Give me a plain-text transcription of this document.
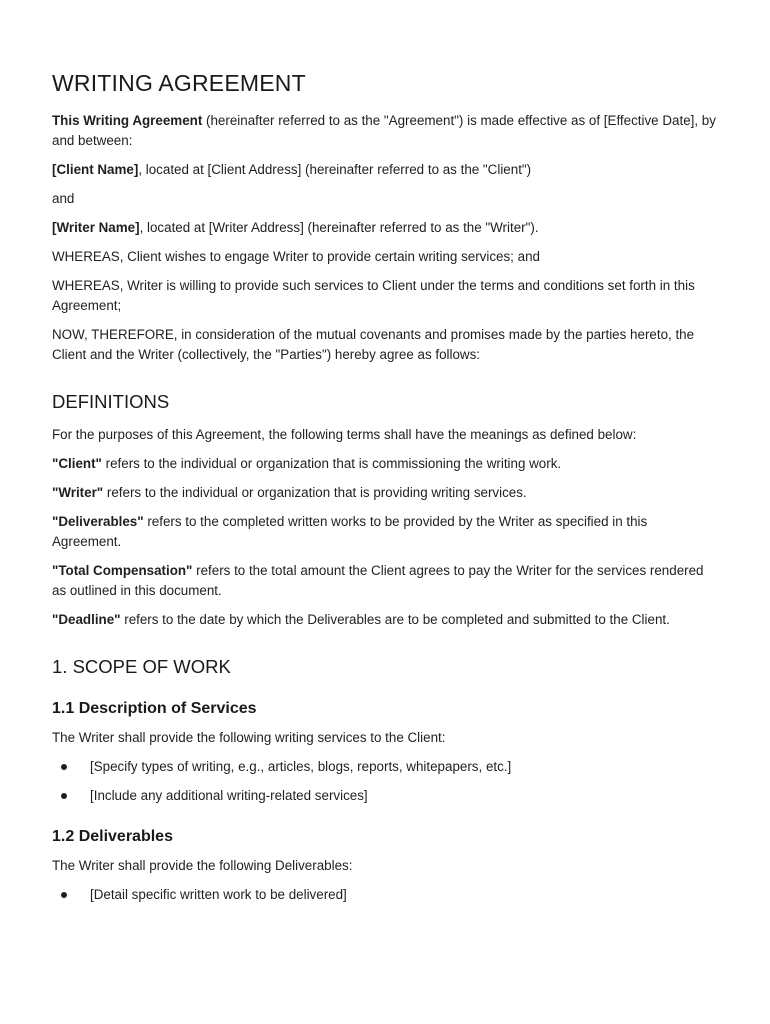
WRITING AGREEMENT

This Writing Agreement (hereinafter referred to as the "Agreement") is made effective as of [Effective Date], by and between:

[Client Name], located at [Client Address] (hereinafter referred to as the "Client")

and

[Writer Name], located at [Writer Address] (hereinafter referred to as the "Writer").

WHEREAS, Client wishes to engage Writer to provide certain writing services; and

WHEREAS, Writer is willing to provide such services to Client under the terms and conditions set forth in this Agreement;

NOW, THEREFORE, in consideration of the mutual covenants and promises made by the parties hereto, the Client and the Writer (collectively, the "Parties") hereby agree as follows:

DEFINITIONS

For the purposes of this Agreement, the following terms shall have the meanings as defined below:

"Client" refers to the individual or organization that is commissioning the writing work.

"Writer" refers to the individual or organization that is providing writing services.

"Deliverables" refers to the completed written works to be provided by the Writer as specified in this Agreement.

"Total Compensation" refers to the total amount the Client agrees to pay the Writer for the services rendered as outlined in this document.

"Deadline" refers to the date by which the Deliverables are to be completed and submitted to the Client.

1. SCOPE OF WORK
1.1 Description of Services

The Writer shall provide the following writing services to the Client:

[Specify types of writing, e.g., articles, blogs, reports, whitepapers, etc.]
[Include any additional writing-related services]
1.2 Deliverables

The Writer shall provide the following Deliverables:

[Detail specific written work to be delivered]
